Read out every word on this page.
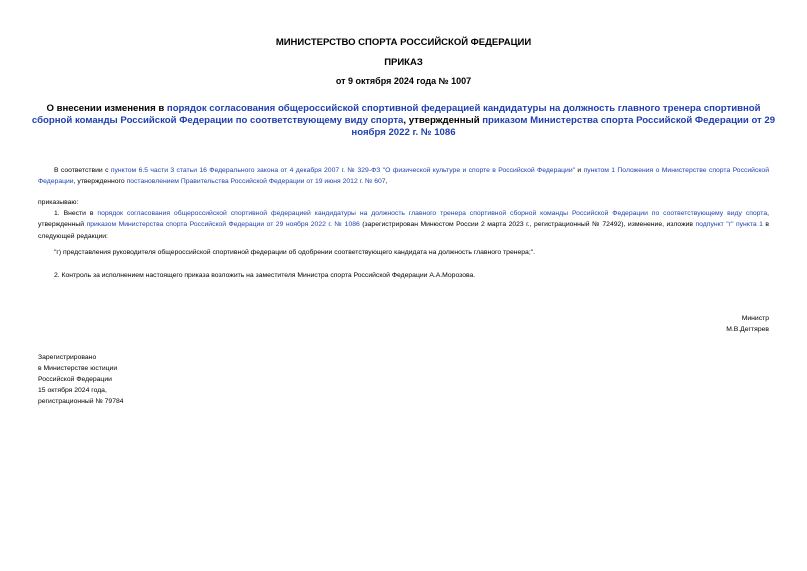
МИНИСТЕРСТВО СПОРТА РОССИЙСКОЙ ФЕДЕРАЦИИ
ПРИКАЗ
от 9 октября 2024 года № 1007
О внесении изменения в порядок согласования общероссийской спортивной федерацией кандидатуры на должность главного тренера спортивной сборной команды Российской Федерации по соответствующему виду спорта, утвержденный приказом Министерства спорта Российской Федерации от 29 ноября 2022 г. № 1086
В соответствии с пунктом 6.5 части 3 статьи 16 Федерального закона от 4 декабря 2007 г. № 329-ФЗ "О физической культуре и спорте в Российской Федерации" и пунктом 1 Положения о Министерстве спорта Российской Федерации, утвержденного постановлением Правительства Российской Федерации от 19 июня 2012 г. № 607,
приказываю:
1. Внести в порядок согласования общероссийской спортивной федерацией кандидатуры на должность главного тренера спортивной сборной команды Российской Федерации по соответствующему виду спорта, утвержденный приказом Министерства спорта Российской Федерации от 29 ноября 2022 г. № 1086 (зарегистрирован Минюстом России 2 марта 2023 г., регистрационный № 72492), изменение, изложив подпункт "г" пункта 1 в следующей редакции:
"г) представления руководителя общероссийской спортивной федерации об одобрении соответствующего кандидата на должность главного тренера;".
2. Контроль за исполнением настоящего приказа возложить на заместителя Министра спорта Российской Федерации А.А.Морозова.
Министр
М.В.Дегтярев
Зарегистрировано
в Министерстве юстиции
Российской Федерации
15 октября 2024 года,
регистрационный № 79784
